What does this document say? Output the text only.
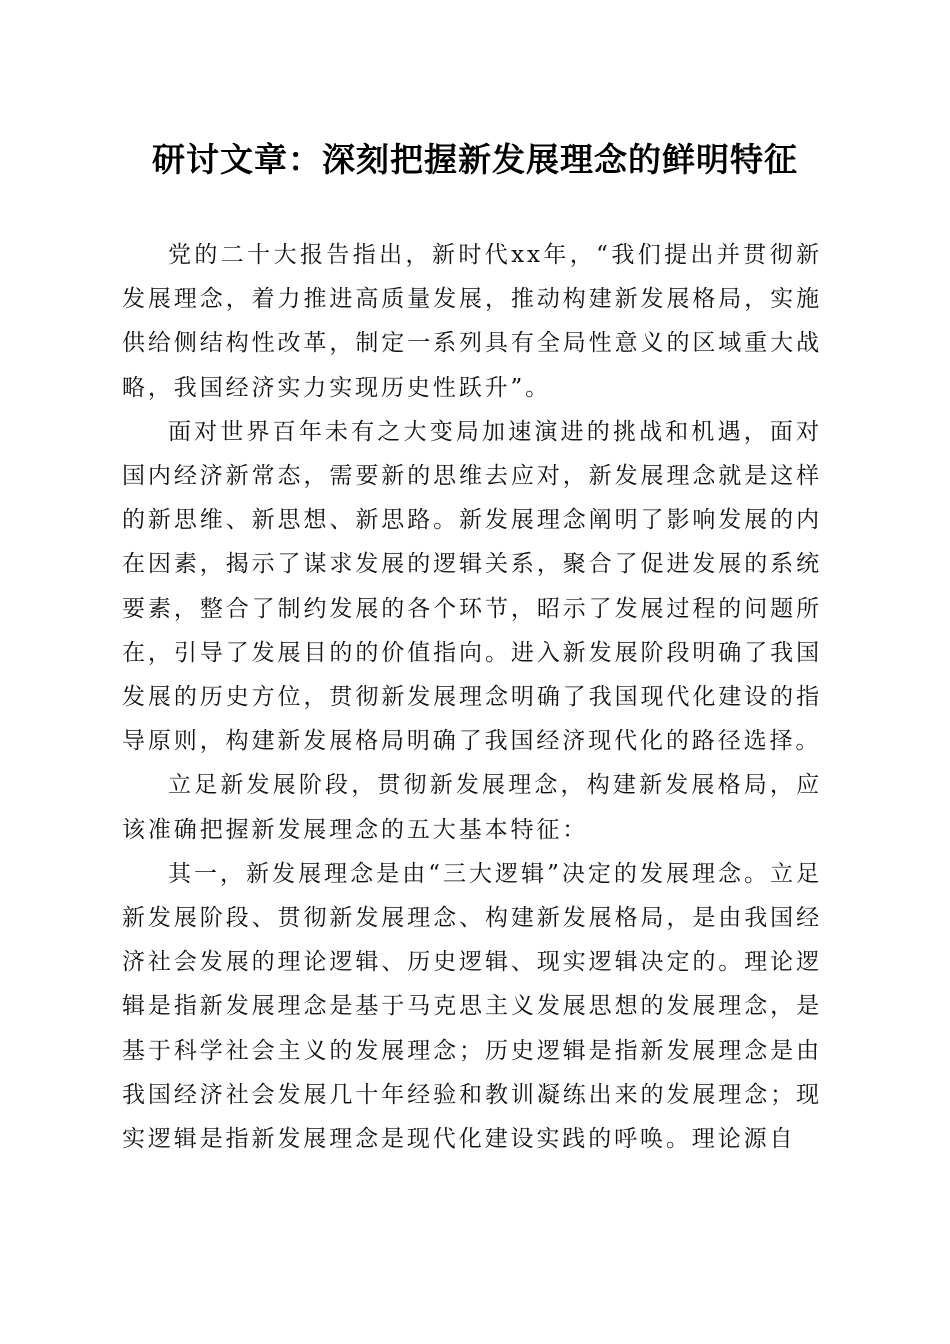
研讨文章：深刻把握新发展理念的鲜明特征

党的二十大报告指出，新时代xx年，“我们提出并贯彻新发展理念，着力推进高质量发展，推动构建新发展格局，实施供给侧结构性改革，制定一系列具有全局性意义的区域重大战略，我国经济实力实现历史性跃升”。

面对世界百年未有之大变局加速演进的挑战和机遇，面对国内经济新常态，需要新的思维去应对，新发展理念就是这样的新思维、新思想、新思路。新发展理念阐明了影响发展的内在因素，揭示了谋求发展的逻辑关系，聚合了促进发展的系统要素，整合了制约发展的各个环节，昭示了发展过程的问题所在，引导了发展目的的价值指向。进入新发展阶段明确了我国发展的历史方位，贯彻新发展理念明确了我国现代化建设的指导原则，构建新发展格局明确了我国经济现代化的路径选择。

立足新发展阶段，贯彻新发展理念，构建新发展格局，应该准确把握新发展理念的五大基本特征：

其一，新发展理念是由“三大逻辑”决定的发展理念。立足新发展阶段、贯彻新发展理念、构建新发展格局，是由我国经济社会发展的理论逻辑、历史逻辑、现实逻辑决定的。理论逻辑是指新发展理念是基于马克思主义发展思想的发展理念，是基于科学社会主义的发展理念；历史逻辑是指新发展理念是由我国经济社会发展几十年经验和教训凝练出来的发展理念；现实逻辑是指新发展理念是现代化建设实践的呼唤。理论源自
